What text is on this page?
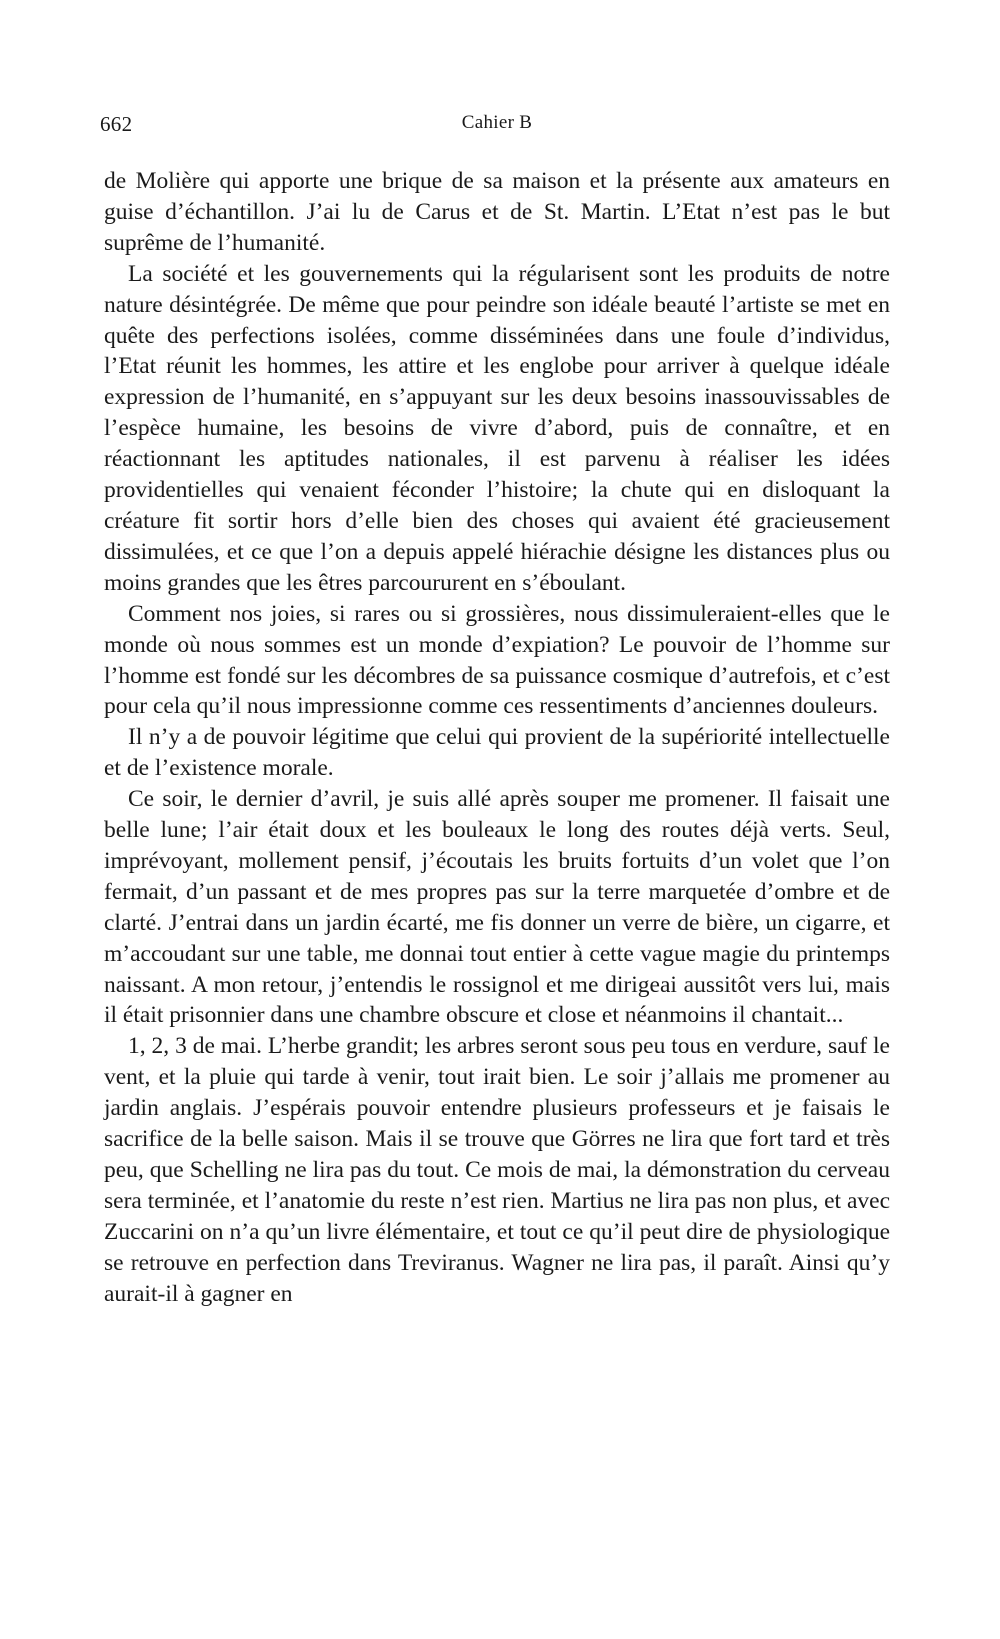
662	Cahier B

de Molière qui apporte une brique de sa maison et la présente aux amateurs en guise d’échantillon. J’ai lu de Carus et de St. Martin. L’Etat n’est pas le but suprême de l’humanité.

La société et les gouvernements qui la régularisent sont les produits de notre nature désintégrée. De même que pour peindre son idéale beauté l’artiste se met en quête des perfections isolées, comme disséminées dans une foule d’individus, l’Etat réunit les hommes, les attire et les englobe pour arriver à quelque idéale expression de l’humanité, en s’appuyant sur les deux besoins inassouvissables de l’espèce humaine, les besoins de vivre d’abord, puis de connaître, et en réactionnant les aptitudes nationales, il est parvenu à réaliser les idées providentielles qui venaient féconder l’histoire; la chute qui en disloquant la créature fit sortir hors d’elle bien des choses qui avaient été gracieusement dissimulées, et ce que l’on a depuis appelé hiérachie désigne les distances plus ou moins grandes que les êtres parcoururent en s’éboulant.

Comment nos joies, si rares ou si grossières, nous dissimuleraient-elles que le monde où nous sommes est un monde d’expiation? Le pouvoir de l’homme sur l’homme est fondé sur les décombres de sa puissance cosmique d’autrefois, et c’est pour cela qu’il nous impressionne comme ces ressentiments d’anciennes douleurs.

Il n’y a de pouvoir légitime que celui qui provient de la supériorité intellectuelle et de l’existence morale.

Ce soir, le dernier d’avril, je suis allé après souper me promener. Il faisait une belle lune; l’air était doux et les bouleaux le long des routes déjà verts. Seul, imprévoyant, mollement pensif, j’écoutais les bruits fortuits d’un volet que l’on fermait, d’un passant et de mes propres pas sur la terre marquetée d’ombre et de clarté. J’entrai dans un jardin écarté, me fis donner un verre de bière, un cigarre, et m’accoudant sur une table, me donnai tout entier à cette vague magie du printemps naissant. A mon retour, j’entendis le rossignol et me dirigeai aussitôt vers lui, mais il était prisonnier dans une chambre obscure et close et néanmoins il chantait...

1, 2, 3 de mai. L’herbe grandit; les arbres seront sous peu tous en verdure, sauf le vent, et la pluie qui tarde à venir, tout irait bien. Le soir j’allais me promener au jardin anglais. J’espérais pouvoir entendre plusieurs professeurs et je faisais le sacrifice de la belle saison. Mais il se trouve que Görres ne lira que fort tard et très peu, que Schelling ne lira pas du tout. Ce mois de mai, la démonstration du cerveau sera terminée, et l’anatomie du reste n’est rien. Martius ne lira pas non plus, et avec Zuccarini on n’a qu’un livre élémentaire, et tout ce qu’il peut dire de physiologique se retrouve en perfection dans Treviranus. Wagner ne lira pas, il paraît. Ainsi qu’y aurait-il à gagner en
